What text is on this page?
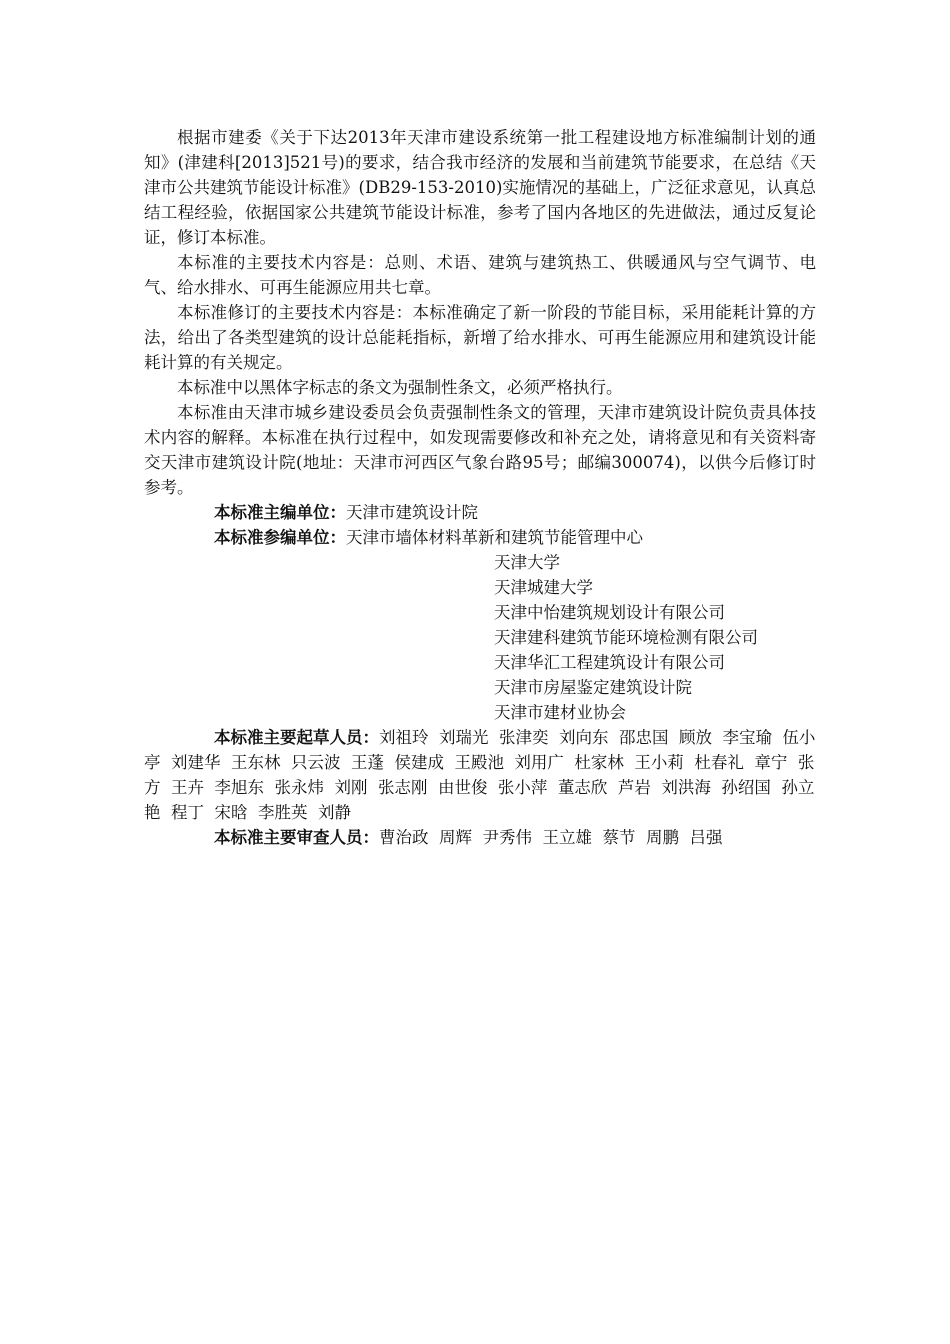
根据市建委《关于下达2013年天津市建设系统第一批工程建设地方标准编制计划的通知》(津建科[2013]521号)的要求，结合我市经济的发展和当前建筑节能要求，在总结《天津市公共建筑节能设计标准》(DB29-153-2010)实施情况的基础上，广泛征求意见，认真总结工程经验，依据国家公共建筑节能设计标准，参考了国内各地区的先进做法，通过反复论证，修订本标准。

本标准的主要技术内容是：总则、术语、建筑与建筑热工、供暖通风与空气调节、电气、给水排水、可再生能源应用共七章。

本标准修订的主要技术内容是：本标准确定了新一阶段的节能目标，采用能耗计算的方法，给出了各类型建筑的设计总能耗指标，新增了给水排水、可再生能源应用和建筑设计能耗计算的有关规定。

本标准中以黑体字标志的条文为强制性条文，必须严格执行。

本标准由天津市城乡建设委员会负责强制性条文的管理，天津市建筑设计院负责具体技术内容的解释。本标准在执行过程中，如发现需要修改和补充之处，请将意见和有关资料寄交天津市建筑设计院(地址：天津市河西区气象台路95号；邮编300074)，以供今后修订时参考。

本标准主编单位：天津市建筑设计院

本标准参编单位：天津市墙体材料革新和建筑节能管理中心

天津大学

天津城建大学

天津中怡建筑规划设计有限公司

天津建科建筑节能环境检测有限公司

天津华汇工程建筑设计有限公司

天津市房屋鉴定建筑设计院

天津市建材业协会

本标准主要起草人员：刘祖玲  刘瑞光  张津奕  刘向东  邵忠国  顾放  李宝瑜  伍小亭  刘建华  王东林  只云波  王蓬  侯建成  王殿池  刘用广  杜家林  王小莉  杜春礼  章宁  张方  王卉  李旭东  张永炜  刘刚  张志刚  由世俊  张小萍  董志欣  芦岩  刘洪海  孙绍国  孙立艳  程丁  宋晗  李胜英  刘静

本标准主要审查人员：曹治政  周辉  尹秀伟  王立雄  蔡节  周鹏  吕强
